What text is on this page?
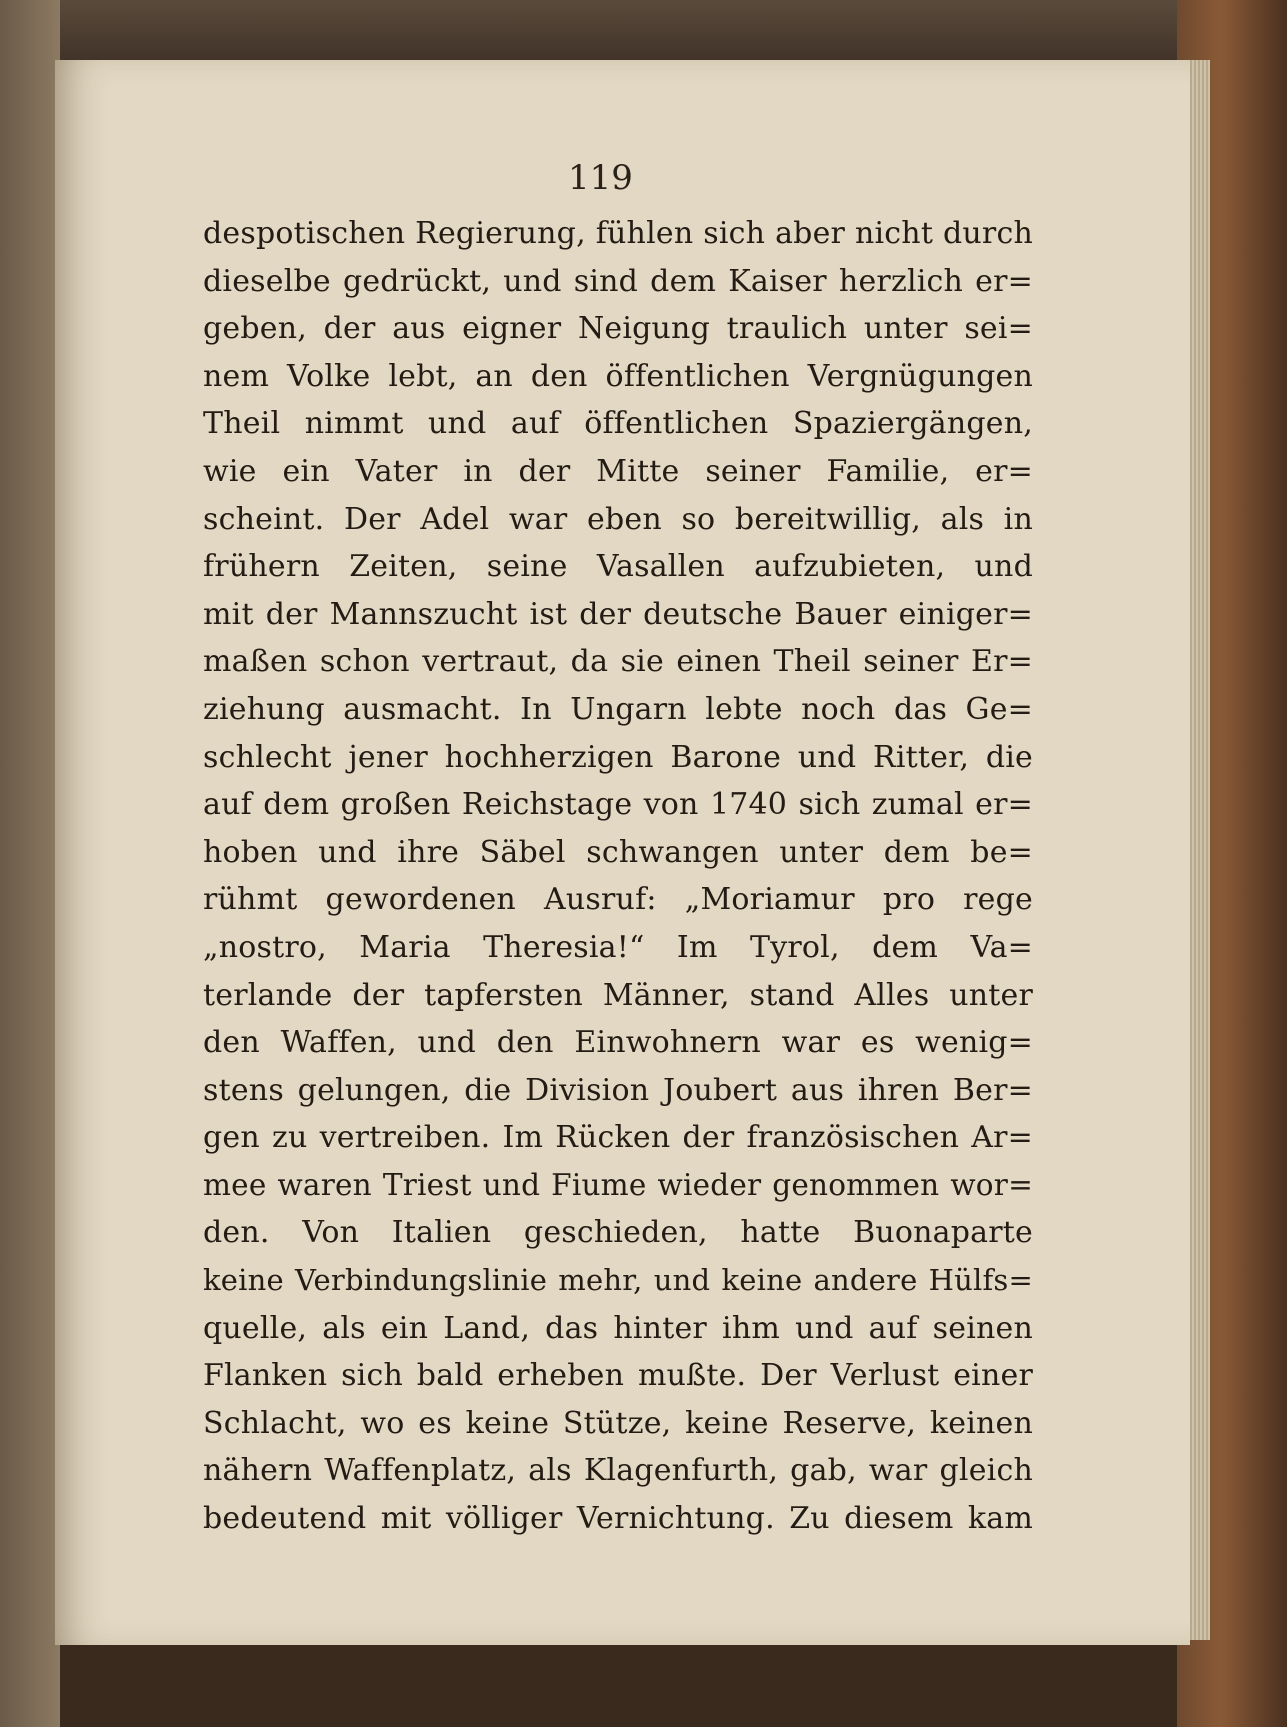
119
despotischen Regierung, fühlen sich aber nicht durch
dieselbe gedrückt, und sind dem Kaiser herzlich er=
geben, der aus eigner Neigung traulich unter sei=
nem Volke lebt, an den öffentlichen Vergnügungen
Theil nimmt und auf öffentlichen Spaziergängen,
wie ein Vater in der Mitte seiner Familie, er=
scheint. Der Adel war eben so bereitwillig, als in
frühern Zeiten, seine Vasallen aufzubieten, und
mit der Mannszucht ist der deutsche Bauer einiger=
maßen schon vertraut, da sie einen Theil seiner Er=
ziehung ausmacht. In Ungarn lebte noch das Ge=
schlecht jener hochherzigen Barone und Ritter, die
auf dem großen Reichstage von 1740 sich zumal er=
hoben und ihre Säbel schwangen unter dem be=
rühmt gewordenen Ausruf: „Moriamur pro rege
„nostro, Maria Theresia!“ Im Tyrol, dem Va=
terlande der tapfersten Männer, stand Alles unter
den Waffen, und den Einwohnern war es wenig=
stens gelungen, die Division Joubert aus ihren Ber=
gen zu vertreiben. Im Rücken der französischen Ar=
mee waren Triest und Fiume wieder genommen wor=
den. Von Italien geschieden, hatte Buonaparte
keine Verbindungslinie mehr, und keine andere Hülfs=
quelle, als ein Land, das hinter ihm und auf seinen
Flanken sich bald erheben mußte. Der Verlust einer
Schlacht, wo es keine Stütze, keine Reserve, keinen
nähern Waffenplatz, als Klagenfurth, gab, war gleich
bedeutend mit völliger Vernichtung. Zu diesem kam
